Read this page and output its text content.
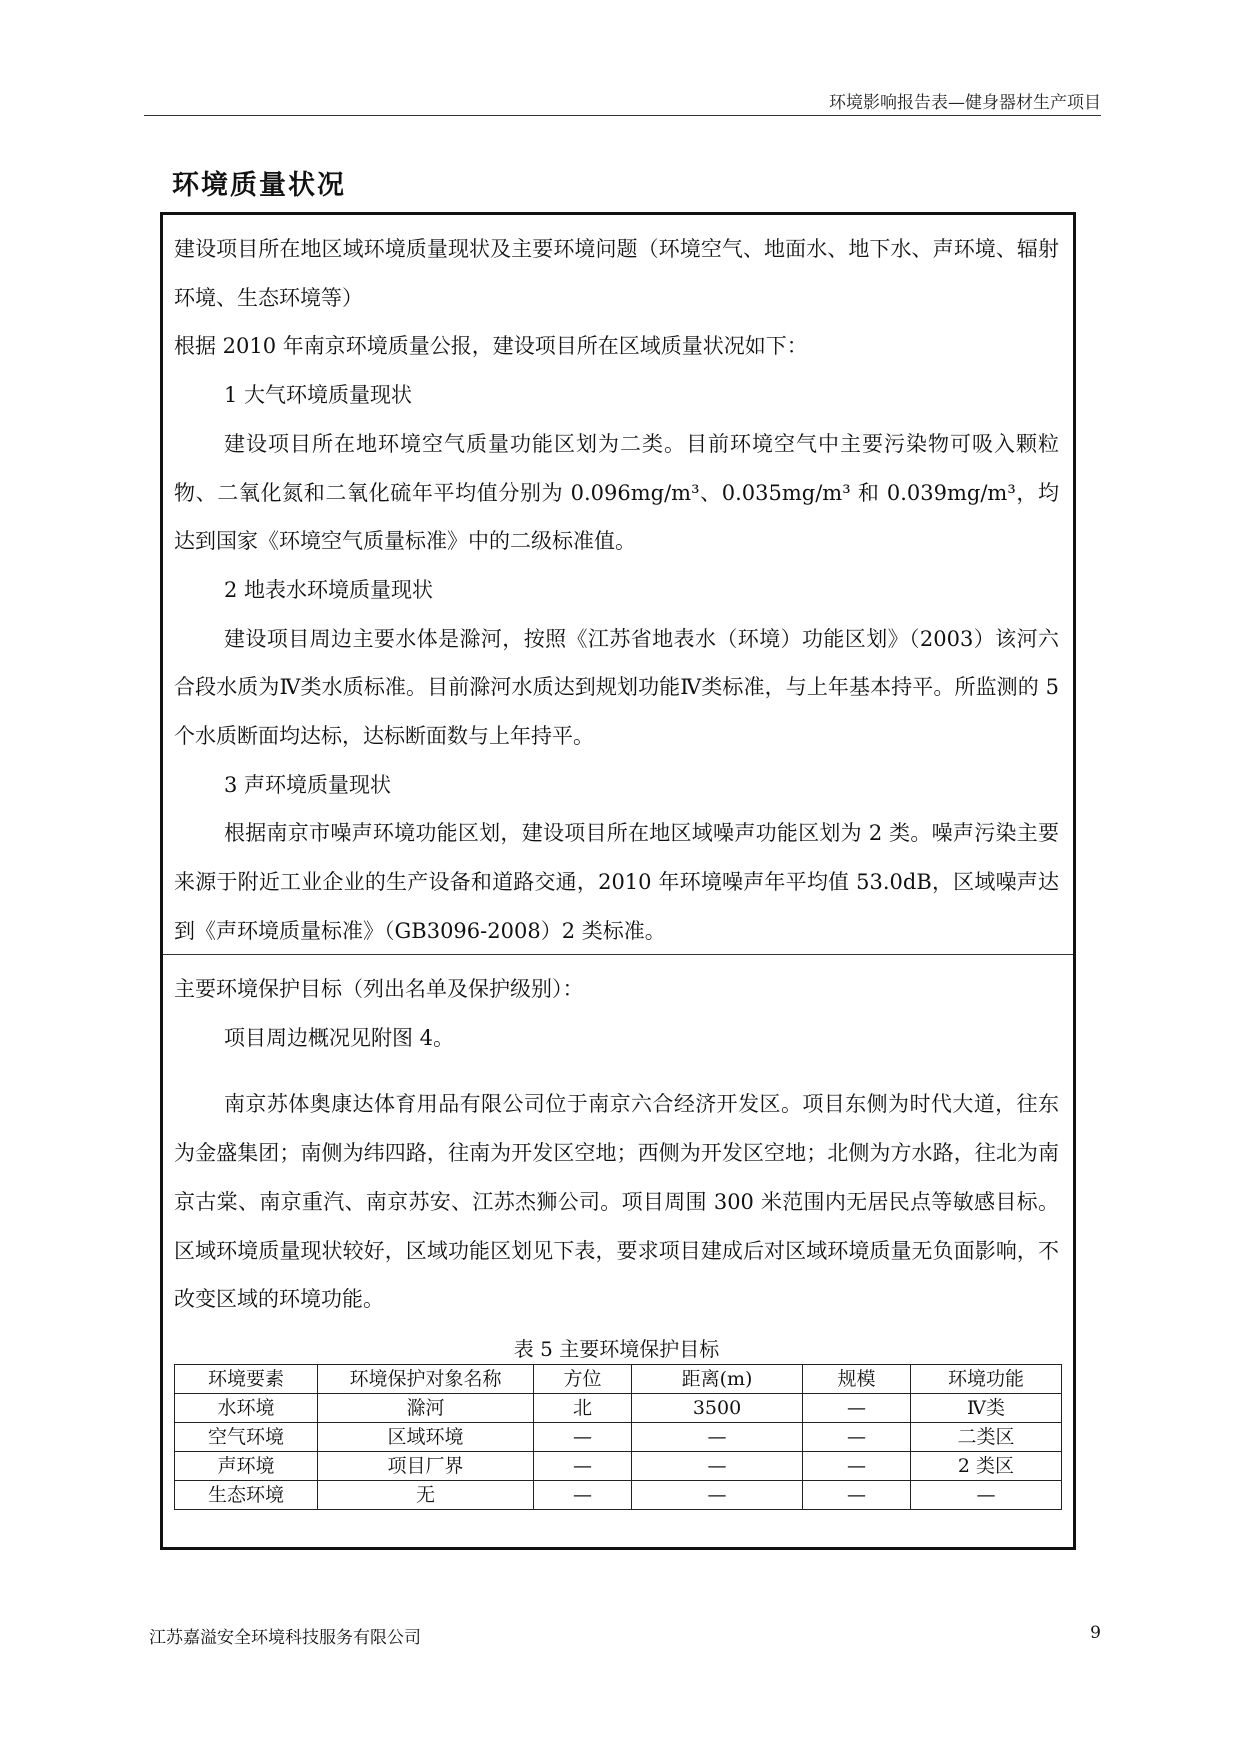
环境影响报告表—健身器材生产项目
环境质量状况

建设项目所在地区域环境质量现状及主要环境问题（环境空气、地面水、地下水、声环境、辐射环境、生态环境等）

根据 2010 年南京环境质量公报，建设项目所在区域质量状况如下：

1 大气环境质量现状

建设项目所在地环境空气质量功能区划为二类。目前环境空气中主要污染物可吸入颗粒物、二氧化氮和二氧化硫年平均值分别为 0.096mg/m³、0.035mg/m³ 和 0.039mg/m³，均达到国家《环境空气质量标准》中的二级标准值。

2 地表水环境质量现状

建设项目周边主要水体是滁河，按照《江苏省地表水（环境）功能区划》（2003）该河六合段水质为Ⅳ类水质标准。目前滁河水质达到规划功能Ⅳ类标准，与上年基本持平。所监测的 5 个水质断面均达标，达标断面数与上年持平。

3 声环境质量现状

根据南京市噪声环境功能区划，建设项目所在地区域噪声功能区划为 2 类。噪声污染主要来源于附近工业企业的生产设备和道路交通，2010 年环境噪声年平均值 53.0dB，区域噪声达到《声环境质量标准》（GB3096-2008）2 类标准。

主要环境保护目标（列出名单及保护级别）：

项目周边概况见附图 4。

南京苏体奥康达体育用品有限公司位于南京六合经济开发区。项目东侧为时代大道，往东为金盛集团；南侧为纬四路，往南为开发区空地；西侧为开发区空地；北侧为方水路，往北为南京古棠、南京重汽、南京苏安、江苏杰狮公司。项目周围 300 米范围内无居民点等敏感目标。区域环境质量现状较好，区域功能区划见下表，要求项目建成后对区域环境质量无负面影响，不改变区域的环境功能。

表 5 主要环境保护目标

环境要素	环境保护对象名称	方位	距离(m)	规模	环境功能
水环境	滁河	北	3500	—	Ⅳ类
空气环境	区域环境	—	—	—	二类区
声环境	项目厂界	—	—	—	2 类区
生态环境	无	—	—	—	—
江苏嘉溢安全环境科技服务有限公司	9
